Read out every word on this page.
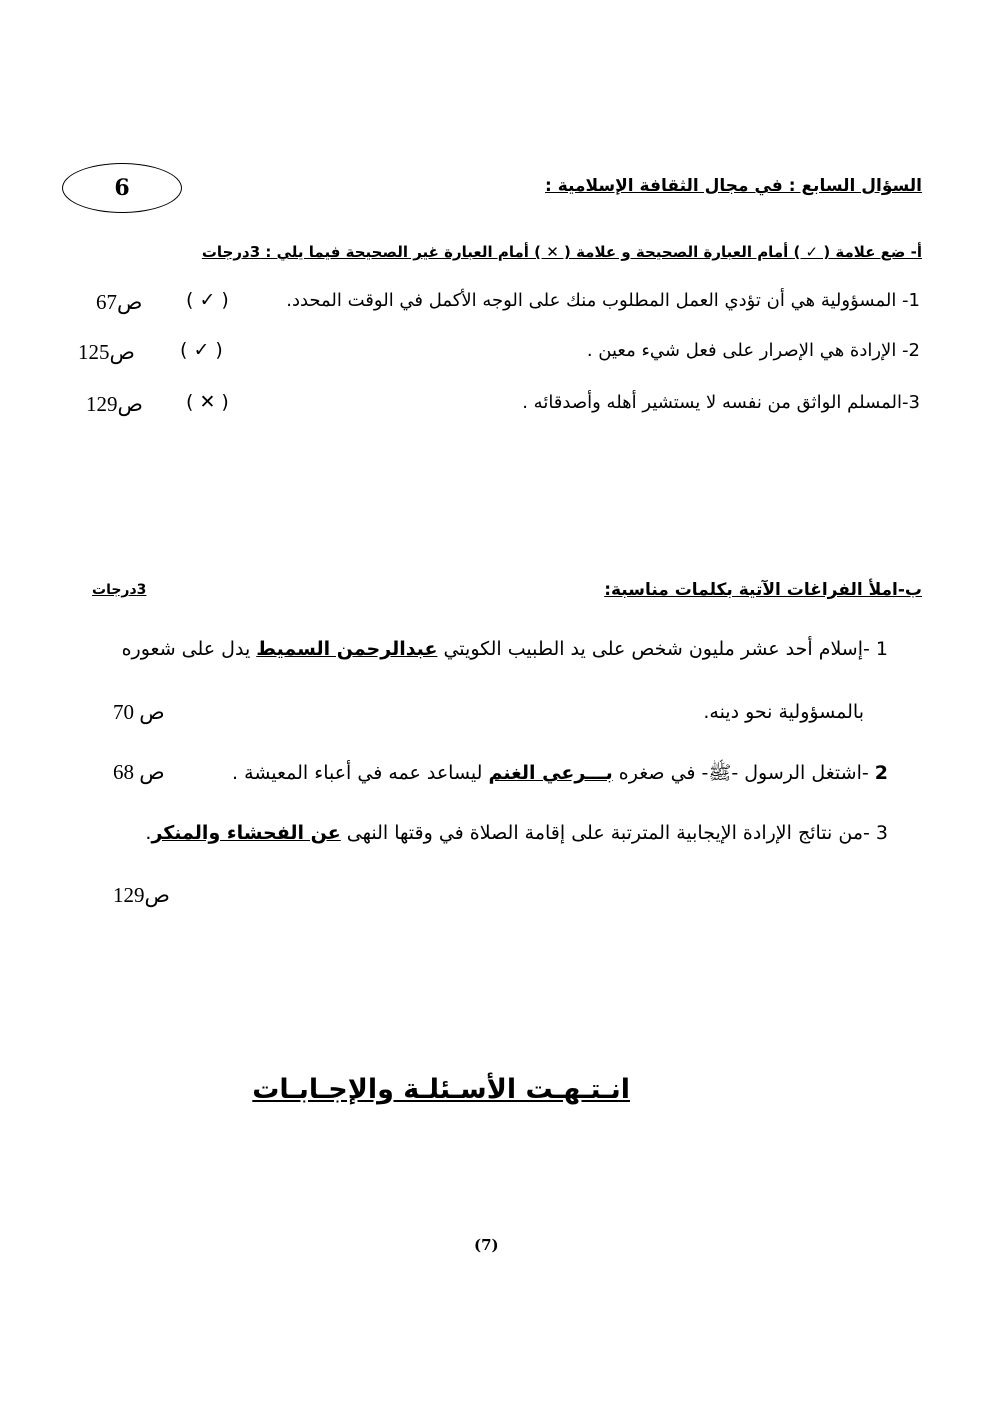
6	السؤال السابع : في مجال الثقافة الإسلامية :
أ- ضع علامة ( ✓ ) أمام العبارة الصحيحة و علامة ( ✕ ) أمام العبارة غير الصحيحة فيما يلي : 3درجات
1- المسؤولية هي أن تؤدي العمل المطلوب منك على الوجه الأكمل في الوقت المحدد.
( ✓ )
ص67
2- الإرادة هي الإصرار على فعل شيء معين .
( ✓ )
ص125
3-المسلم الواثق من نفسه لا يستشير أهله وأصدقائه .
( ✕ )
ص129
ب-املأ الفراغات الآتية بكلمات مناسبة:
3درجات
1 -إسلام أحد عشر مليون شخص على يد الطبيب الكويتي عبدالرحمن السميط يدل على شعوره
بالمسؤولية نحو دينه.
ص 70
2 -اشتغل الرسول -ﷺ- في صغره بـــرعي الغنم ليساعد عمه في أعباء المعيشة .
ص 68
3 -من نتائج الإرادة الإيجابية المترتبة على إقامة الصلاة في وقتها النهى عن الفحشاء والمنكر.
ص129
انـتـهـت الأسـئلـة والإجـابـات
(7)
